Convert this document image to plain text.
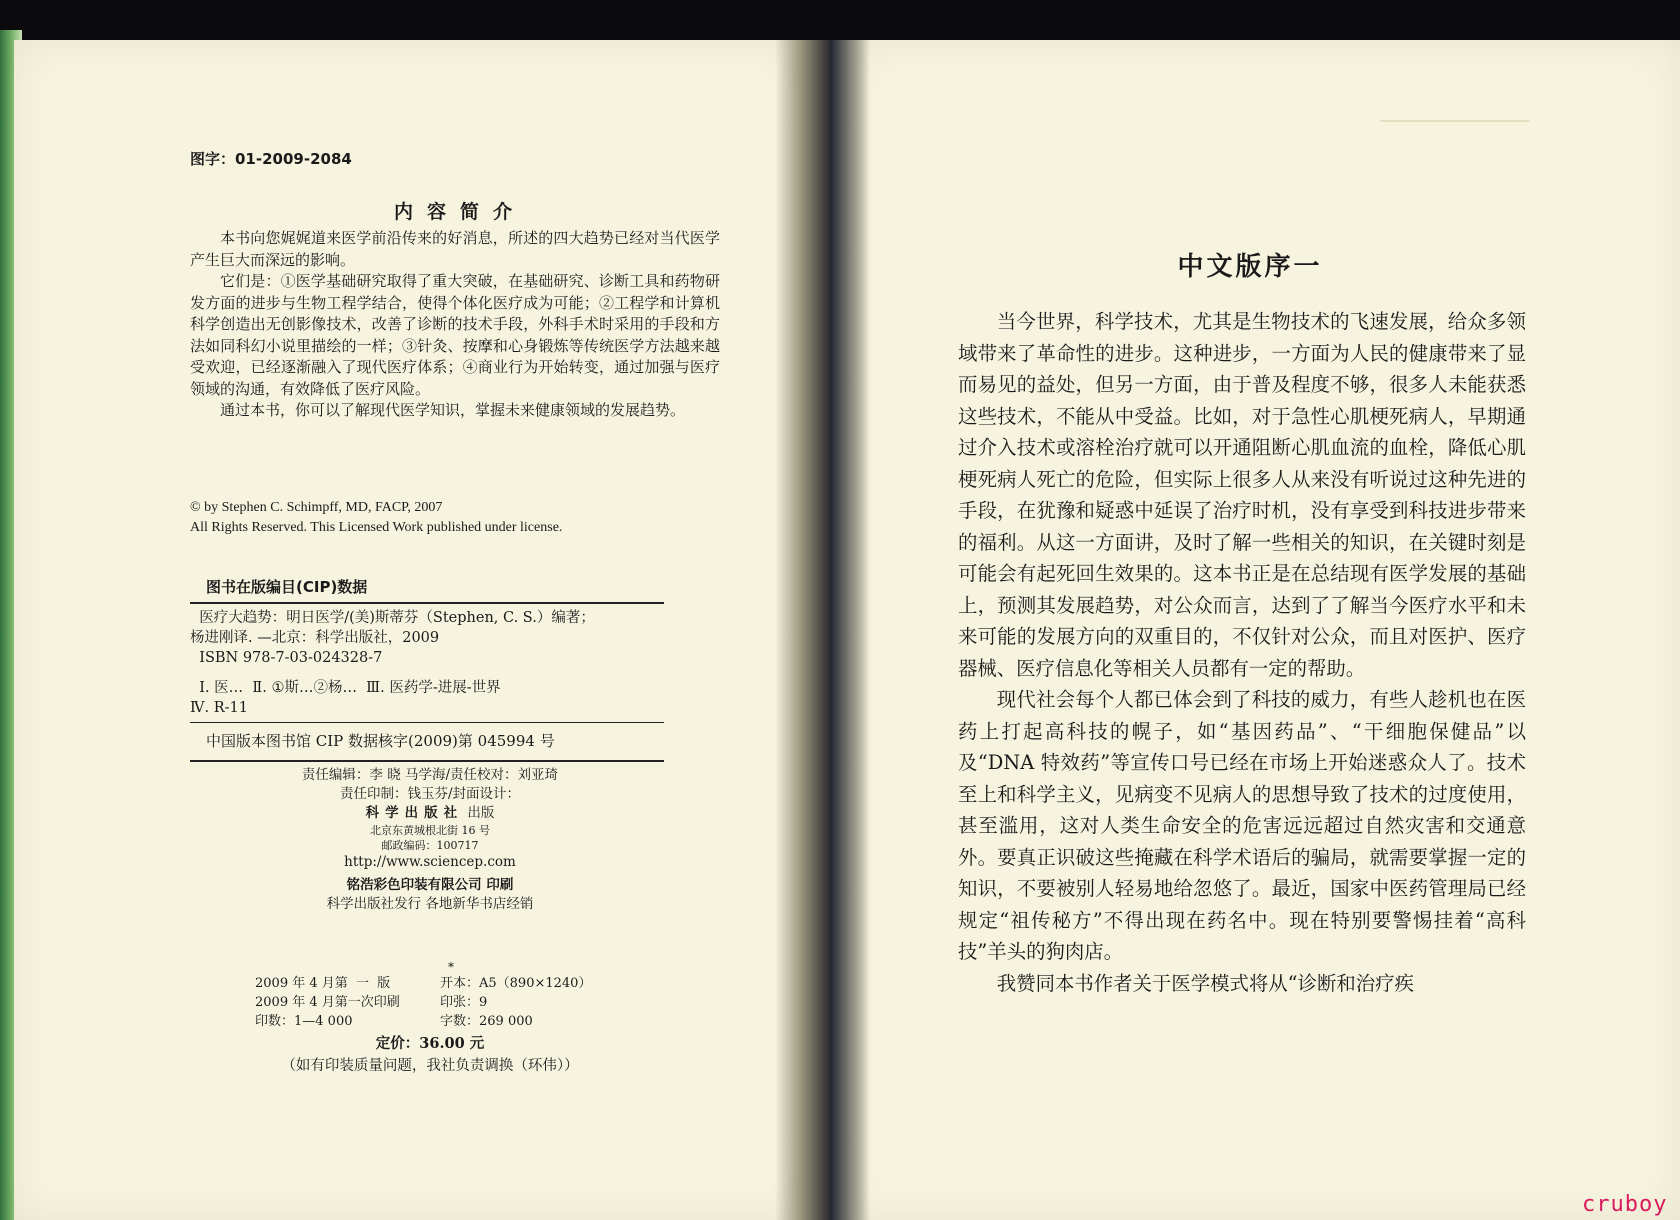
图字：01-2009-2084
内容简介

本书向您娓娓道来医学前沿传来的好消息，所述的四大趋势已经对当代医学产生巨大而深远的影响。

它们是：①医学基础研究取得了重大突破，在基础研究、诊断工具和药物研发方面的进步与生物工程学结合，使得个体化医疗成为可能；②工程学和计算机科学创造出无创影像技术，改善了诊断的技术手段，外科手术时采用的手段和方法如同科幻小说里描绘的一样；③针灸、按摩和心身锻炼等传统医学方法越来越受欢迎，已经逐渐融入了现代医疗体系；④商业行为开始转变，通过加强与医疗领域的沟通，有效降低了医疗风险。

通过本书，你可以了解现代医学知识，掌握未来健康领域的发展趋势。

© by Stephen C. Schimpff, MD, FACP, 2007
All Rights Reserved. This Licensed Work published under license.
图书在版编目(CIP)数据
医疗大趋势：明日医学/(美)斯蒂芬（Stephen, C. S.）编著；
杨进刚译. —北京：科学出版社，2009
ISBN 978-7-03-024328-7
Ⅰ. 医…  Ⅱ. ①斯…②杨…  Ⅲ. 医药学-进展-世界
Ⅳ. R-11
中国版本图书馆 CIP 数据核字(2009)第 045994 号
责任编辑：李 晓 马学海/责任校对：刘亚琦
责任印制：钱玉芬/封面设计：
科学出版社 出版
北京东黄城根北街 16 号
邮政编码：100717
http://www.sciencep.com
铭浩彩色印装有限公司 印刷
科学出版社发行 各地新华书店经销
*
2009 年 4 月第  一  版	开本：A5（890×1240）
2009 年 4 月第一次印刷	印张：9
印数：1—4 000	字数：269 000
定价：36.00 元
（如有印装质量问题，我社负责调换（环伟））
中文版序一

当今世界，科学技术，尤其是生物技术的飞速发展，给众多领域带来了革命性的进步。这种进步，一方面为人民的健康带来了显而易见的益处，但另一方面，由于普及程度不够，很多人未能获悉这些技术，不能从中受益。比如，对于急性心肌梗死病人，早期通过介入技术或溶栓治疗就可以开通阻断心肌血流的血栓，降低心肌梗死病人死亡的危险，但实际上很多人从来没有听说过这种先进的手段，在犹豫和疑惑中延误了治疗时机，没有享受到科技进步带来的福利。从这一方面讲，及时了解一些相关的知识，在关键时刻是可能会有起死回生效果的。这本书正是在总结现有医学发展的基础上，预测其发展趋势，对公众而言，达到了了解当今医疗水平和未来可能的发展方向的双重目的，不仅针对公众，而且对医护、医疗器械、医疗信息化等相关人员都有一定的帮助。

现代社会每个人都已体会到了科技的威力，有些人趁机也在医药上打起高科技的幌子，如“基因药品”、“干细胞保健品”以及“DNA 特效药”等宣传口号已经在市场上开始迷惑众人了。技术至上和科学主义，见病变不见病人的思想导致了技术的过度使用，甚至滥用，这对人类生命安全的危害远远超过自然灾害和交通意外。要真正识破这些掩藏在科学术语后的骗局，就需要掌握一定的知识，不要被别人轻易地给忽悠了。最近，国家中医药管理局已经规定“祖传秘方”不得出现在药名中。现在特别要警惕挂着“高科技”羊头的狗肉店。

我赞同本书作者关于医学模式将从“诊断和治疗疾

cruboy
